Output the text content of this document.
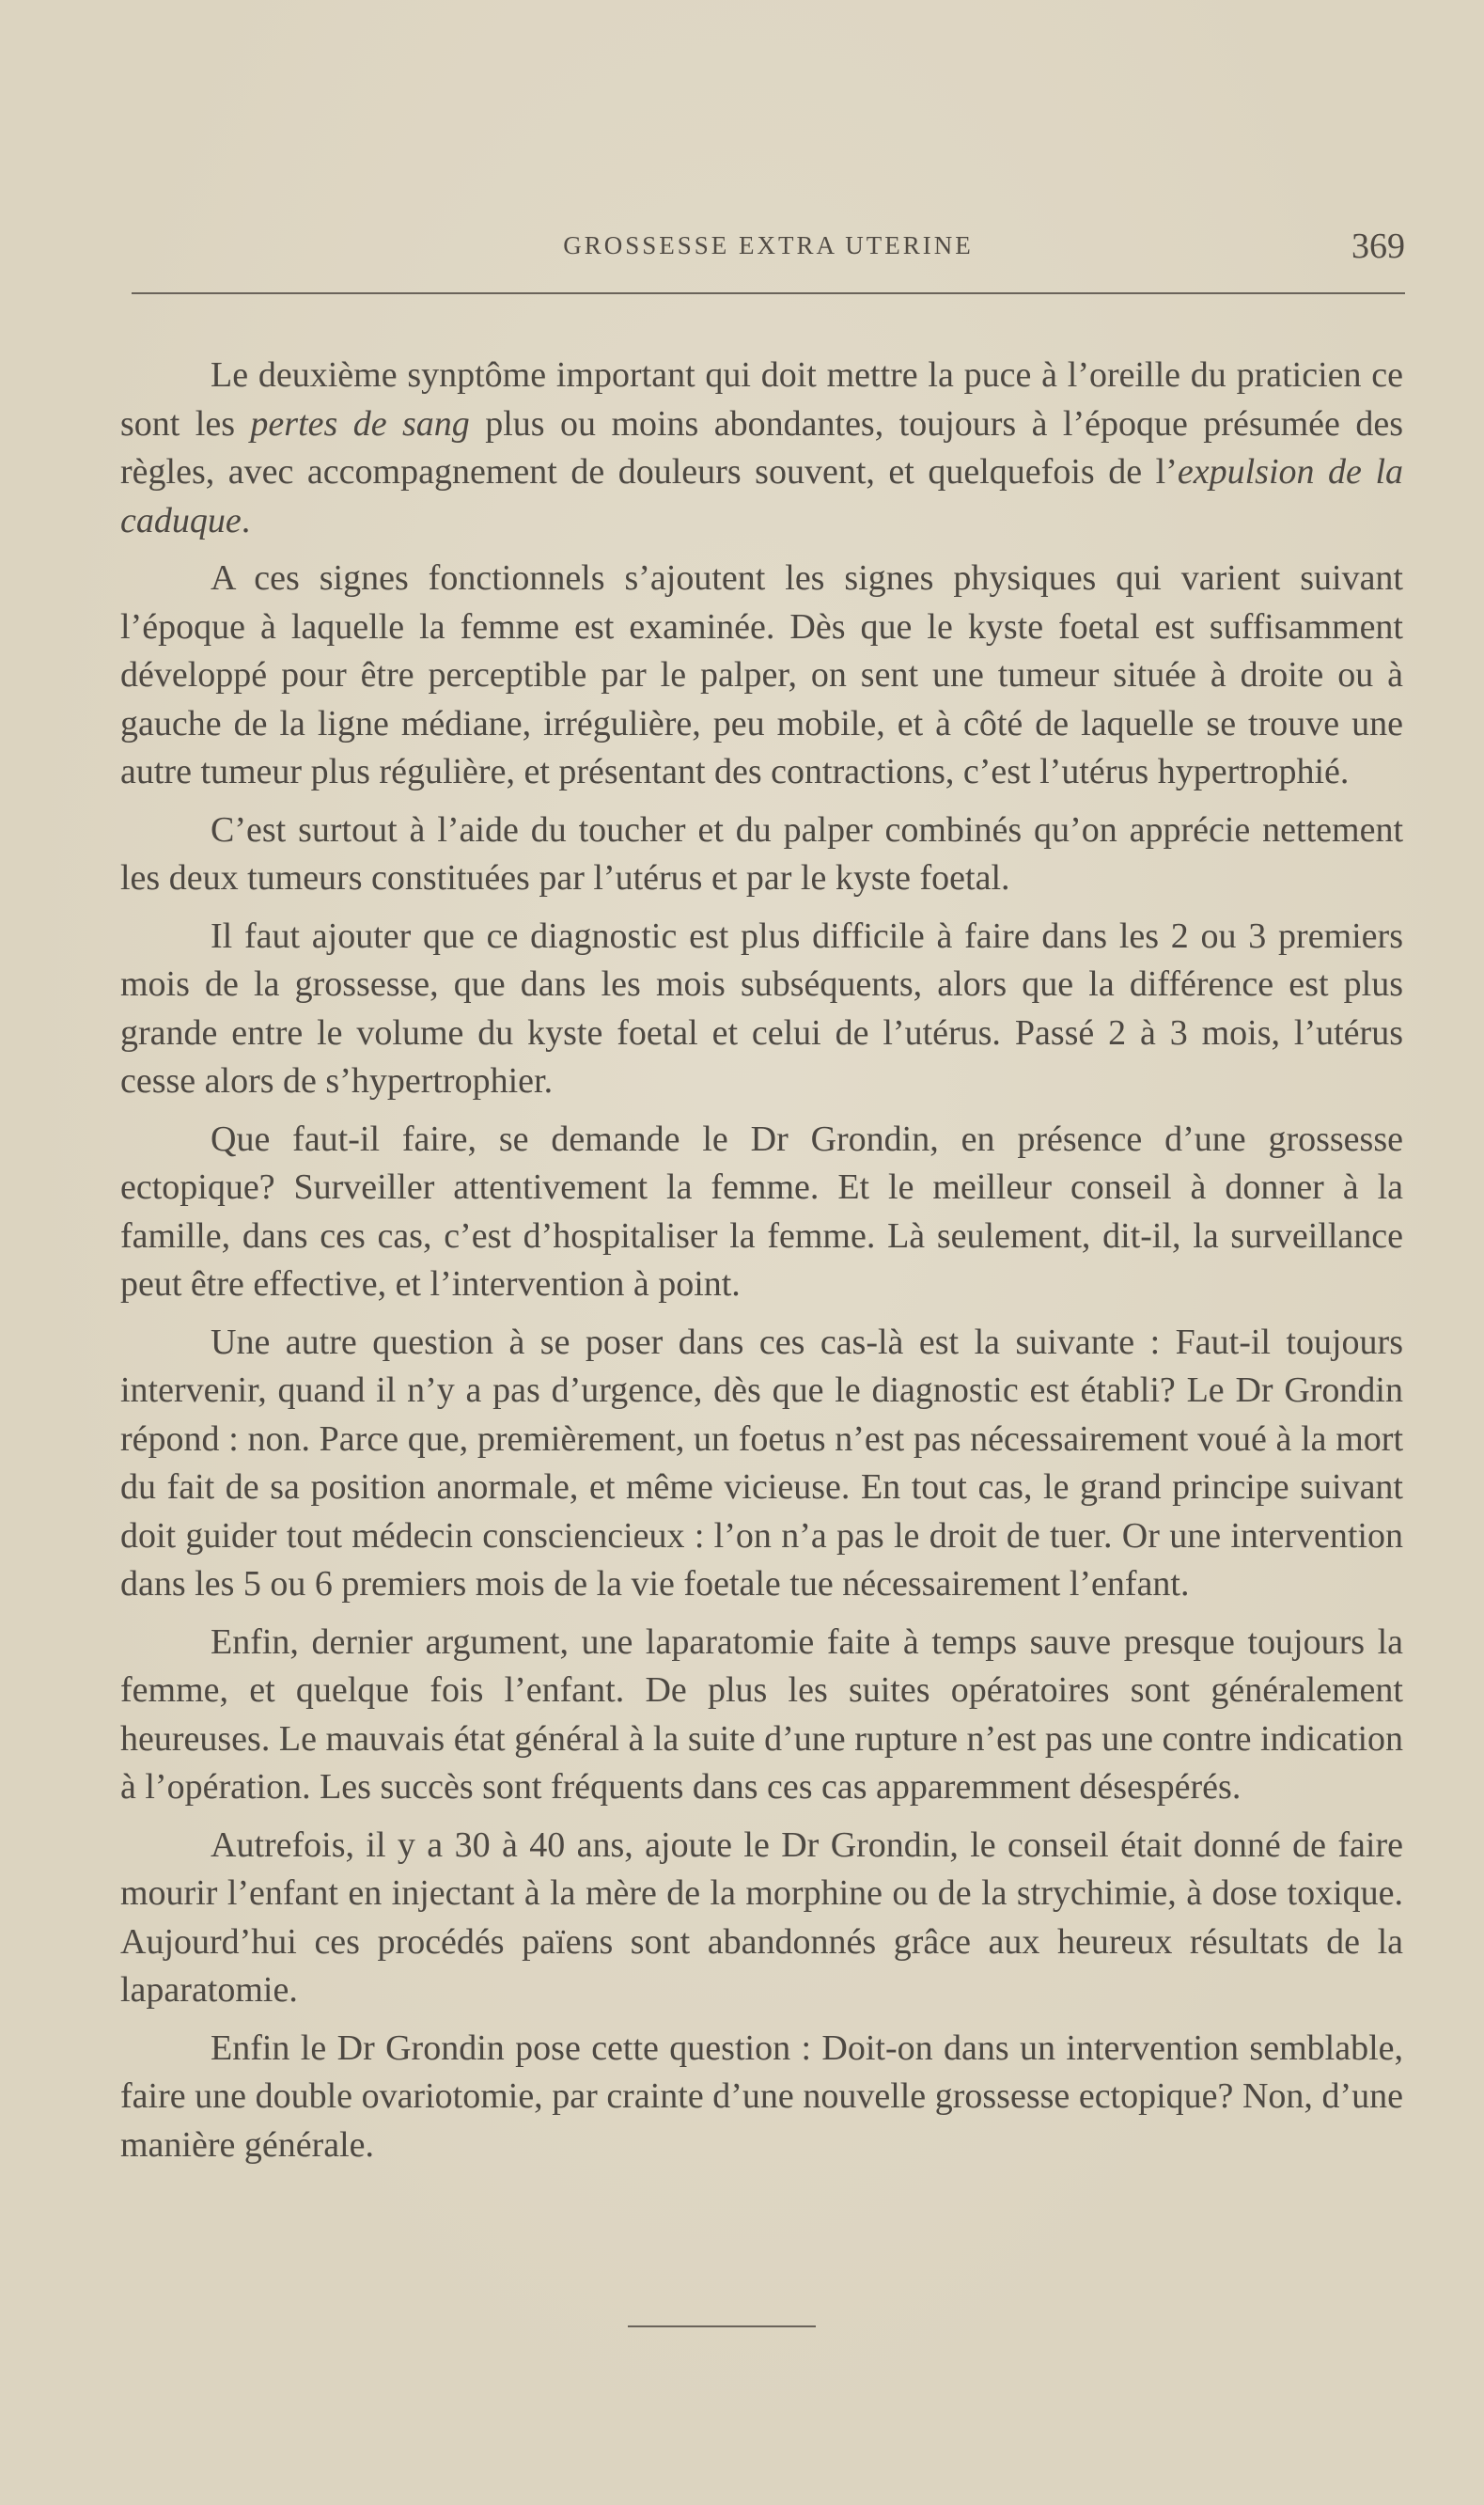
GROSSESSE EXTRA UTERINE	369

Le deuxième synptôme important qui doit mettre la puce à l’oreille du praticien ce sont les pertes de sang plus ou moins abondantes, toujours à l’époque présumée des règles, avec accompagnement de douleurs souvent, et quelquefois de l’expulsion de la caduque.

A ces signes fonctionnels s’ajoutent les signes physiques qui varient suivant l’époque à laquelle la femme est examinée. Dès que le kyste foetal est suffisamment développé pour être perceptible par le palper, on sent une tumeur située à droite ou à gauche de la ligne médiane, irrégulière, peu mobile, et à côté de laquelle se trouve une autre tumeur plus régulière, et présentant des contractions, c’est l’utérus hypertrophié.

C’est surtout à l’aide du toucher et du palper combinés qu’on apprécie nettement les deux tumeurs constituées par l’utérus et par le kyste foetal.

Il faut ajouter que ce diagnostic est plus difficile à faire dans les 2 ou 3 premiers mois de la grossesse, que dans les mois subséquents, alors que la différence est plus grande entre le volume du kyste foetal et celui de l’utérus. Passé 2 à 3 mois, l’utérus cesse alors de s’hypertrophier.

Que faut-il faire, se demande le Dr Grondin, en présence d’une grossesse ectopique? Surveiller attentivement la femme. Et le meilleur conseil à donner à la famille, dans ces cas, c’est d’hospitaliser la femme. Là seulement, dit-il, la surveillance peut être effective, et l’intervention à point.

Une autre question à se poser dans ces cas-là est la suivante : Faut-il toujours intervenir, quand il n’y a pas d’urgence, dès que le diagnostic est établi? Le Dr Grondin répond : non. Parce que, premièrement, un foetus n’est pas nécessairement voué à la mort du fait de sa position anormale, et même vicieuse. En tout cas, le grand principe suivant doit guider tout médecin consciencieux : l’on n’a pas le droit de tuer. Or une intervention dans les 5 ou 6 premiers mois de la vie foetale tue nécessairement l’enfant.

Enfin, dernier argument, une laparatomie faite à temps sauve presque toujours la femme, et quelque fois l’enfant. De plus les suites opératoires sont généralement heureuses. Le mauvais état général à la suite d’une rupture n’est pas une contre indication à l’opération. Les succès sont fréquents dans ces cas apparemment désespérés.

Autrefois, il y a 30 à 40 ans, ajoute le Dr Grondin, le conseil était donné de faire mourir l’enfant en injectant à la mère de la morphine ou de la strychimie, à dose toxique. Aujourd’hui ces procédés païens sont abandonnés grâce aux heureux résultats de la laparatomie.

Enfin le Dr Grondin pose cette question : Doit-on dans un intervention semblable, faire une double ovariotomie, par crainte d’une nouvelle grossesse ectopique? Non, d’une manière générale.
